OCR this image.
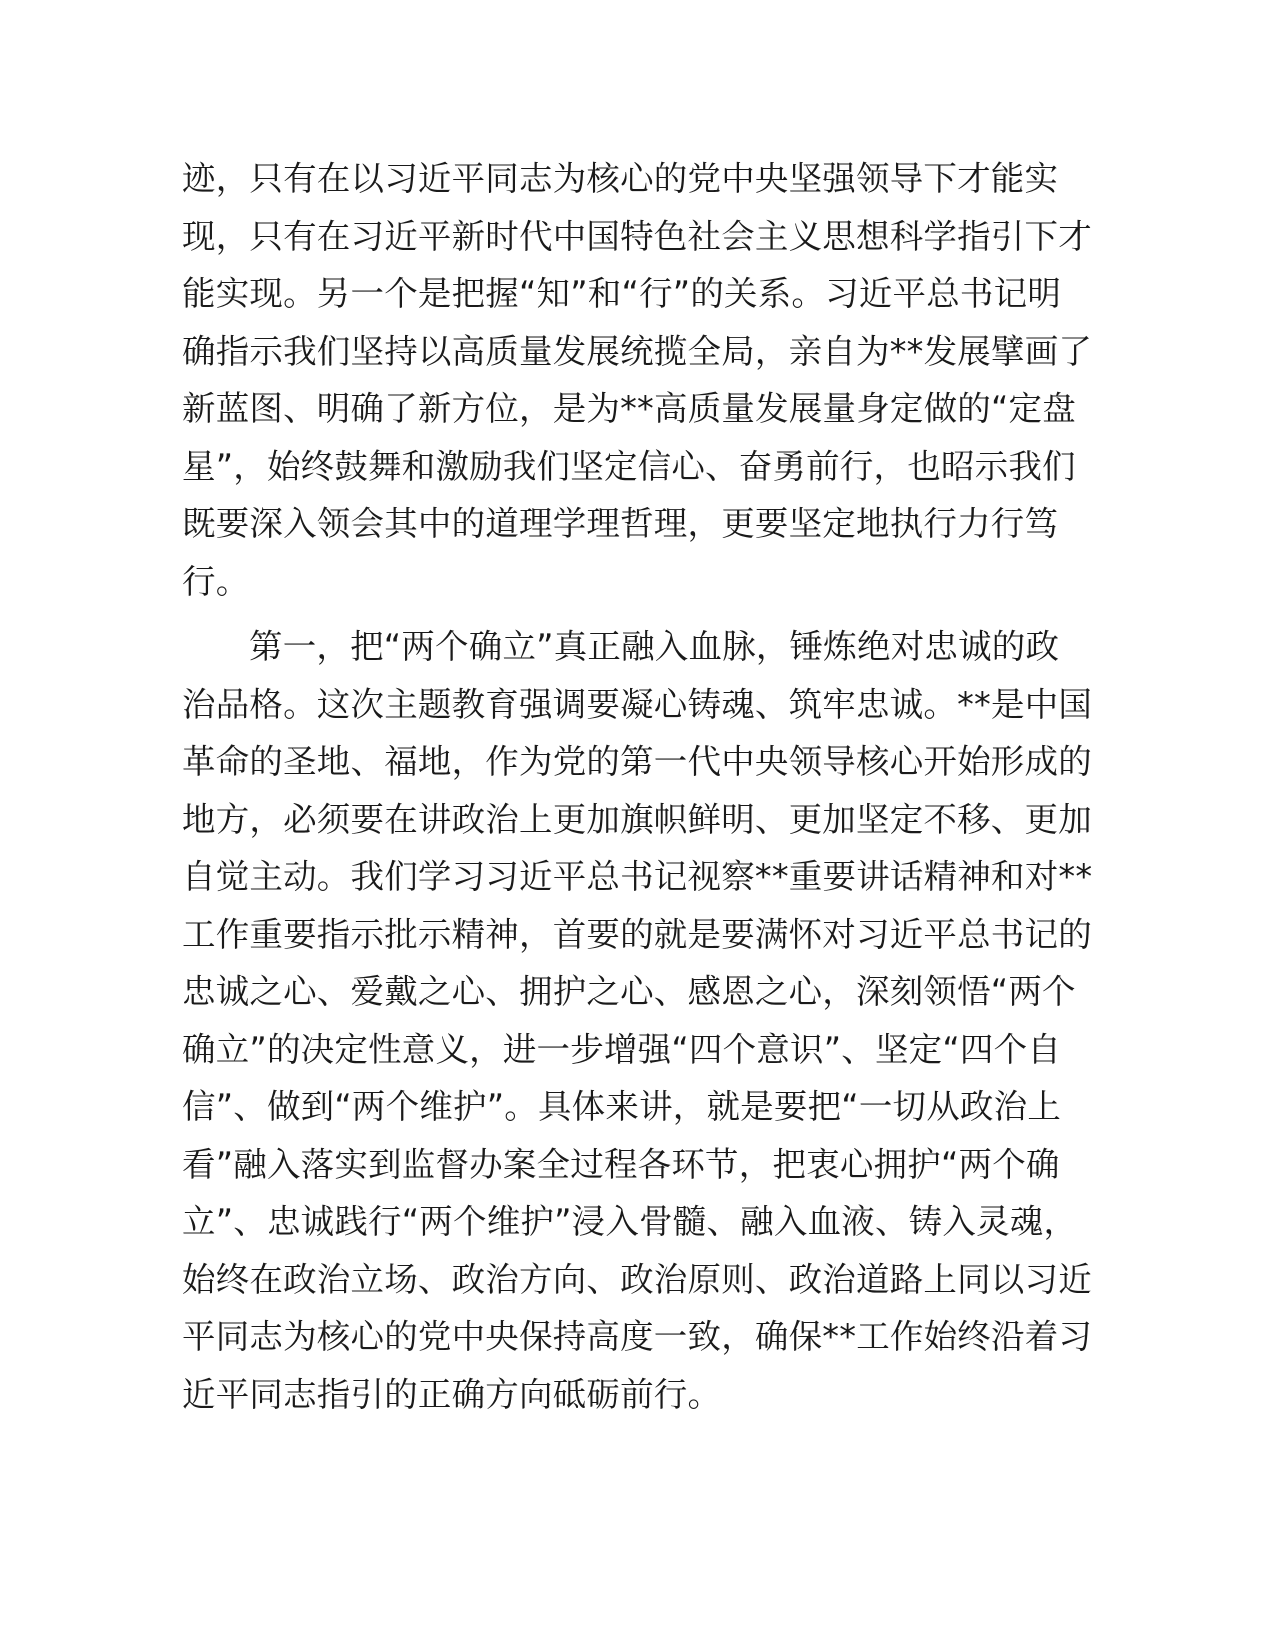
迹，只有在以习近平同志为核心的党中央坚强领导下才能实
现，只有在习近平新时代中国特色社会主义思想科学指引下才
能实现。另一个是把握“知”和“行”的关系。习近平总书记明
确指示我们坚持以高质量发展统揽全局，亲自为**发展擘画了
新蓝图、明确了新方位，是为**高质量发展量身定做的“定盘
星”，始终鼓舞和激励我们坚定信心、奋勇前行，也昭示我们
既要深入领会其中的道理学理哲理，更要坚定地执行力行笃
行。
第一，把“两个确立”真正融入血脉，锤炼绝对忠诚的政
治品格。这次主题教育强调要凝心铸魂、筑牢忠诚。**是中国
革命的圣地、福地，作为党的第一代中央领导核心开始形成的
地方，必须要在讲政治上更加旗帜鲜明、更加坚定不移、更加
自觉主动。我们学习习近平总书记视察**重要讲话精神和对**
工作重要指示批示精神，首要的就是要满怀对习近平总书记的
忠诚之心、爱戴之心、拥护之心、感恩之心，深刻领悟“两个
确立”的决定性意义，进一步增强“四个意识”、坚定“四个自
信”、做到“两个维护”。具体来讲，就是要把“一切从政治上
看”融入落实到监督办案全过程各环节，把衷心拥护“两个确
立”、忠诚践行“两个维护”浸入骨髓、融入血液、铸入灵魂，
始终在政治立场、政治方向、政治原则、政治道路上同以习近
平同志为核心的党中央保持高度一致，确保**工作始终沿着习
近平同志指引的正确方向砥砺前行。
